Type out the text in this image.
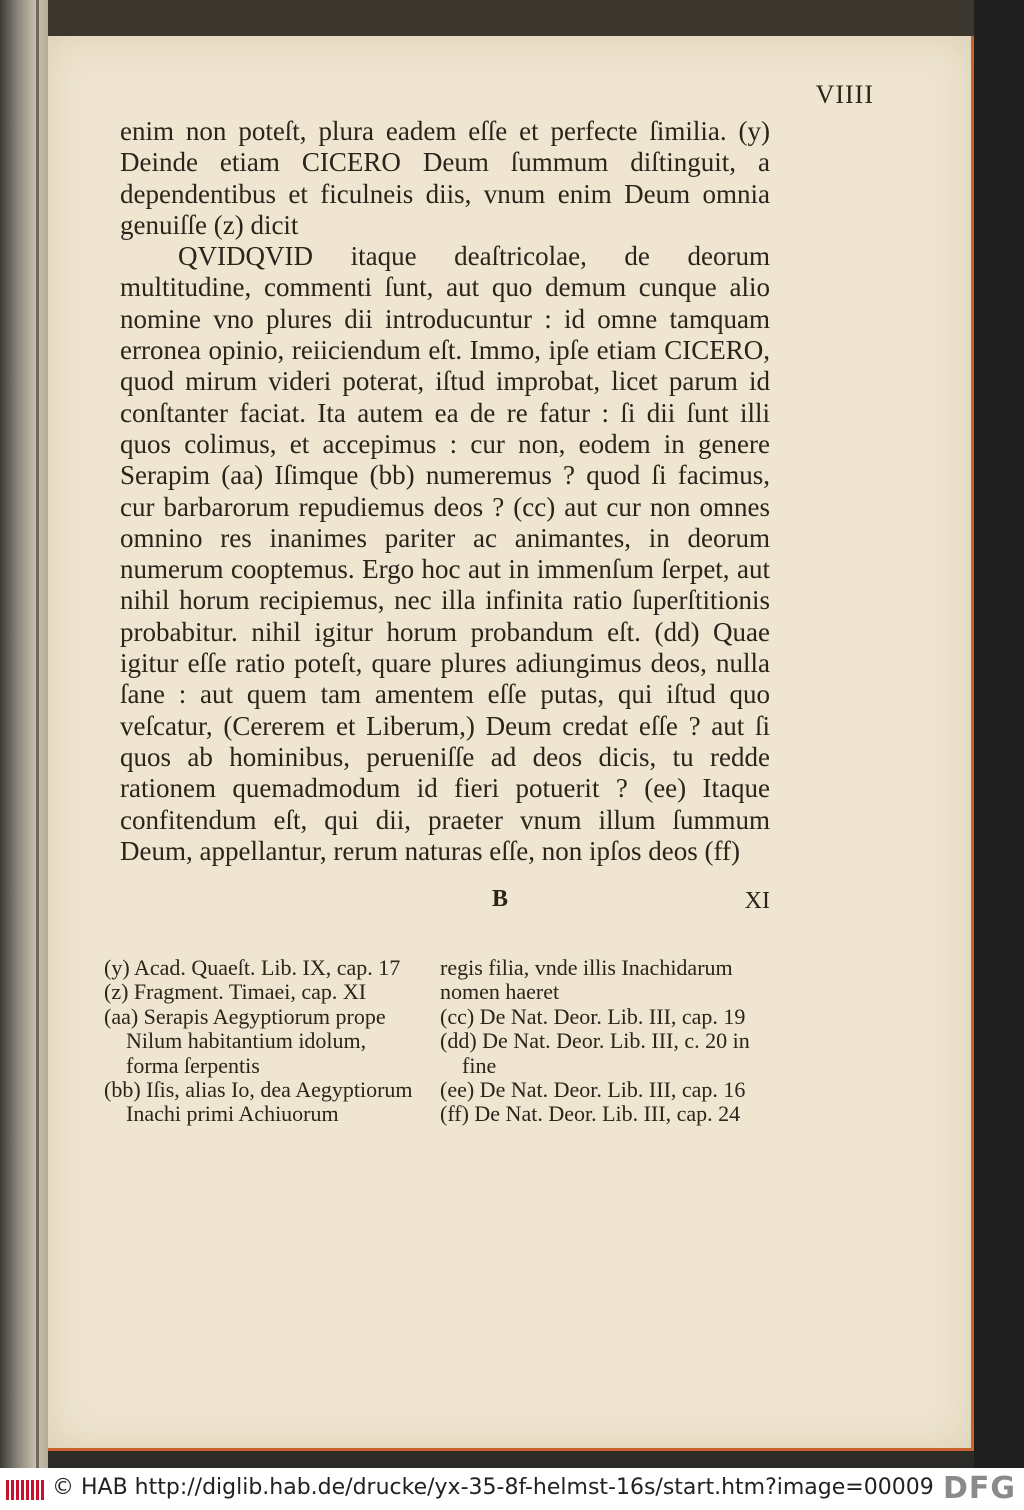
VIIII

enim non poteſt, plura eadem eſſe et perfecte ſimilia. (y) Deinde etiam CICERO Deum ſummum diſtinguit, a dependentibus et ficulneis diis, vnum enim Deum omnia genuiſſe (z) dicit

QVIDQVID itaque deaſtricolae, de deorum multitudine, commenti ſunt, aut quo demum cunque alio nomine vno plures dii introducuntur : id omne tamquam erronea opinio, reiiciendum eſt. Immo, ipſe etiam CICERO, quod mirum videri poterat, iſtud improbat, licet parum id conſtanter faciat. Ita autem ea de re fatur : ſi dii ſunt illi quos colimus, et accepimus : cur non, eodem in genere Serapim (aa) Iſimque (bb) numeremus ? quod ſi facimus, cur barbarorum repudiemus deos ? (cc) aut cur non omnes omnino res inanimes pariter ac animantes, in deorum numerum cooptemus. Ergo hoc aut in immenſum ſerpet, aut nihil horum recipiemus, nec illa infinita ratio ſuperſtitionis probabitur. nihil igitur horum probandum eſt. (dd) Quae igitur eſſe ratio poteſt, quare plures adiungimus deos, nulla ſane : aut quem tam amentem eſſe putas, qui iſtud quo veſcatur, (Cererem et Liberum,) Deum credat eſſe ? aut ſi quos ab hominibus, perueniſſe ad deos dicis, tu redde rationem quemadmodum id fieri potuerit ? (ee) Itaque confitendum eſt, qui dii, praeter vnum illum ſummum Deum, appellantur, rerum naturas eſſe, non ipſos deos (ff)

B	XI
(y) Acad. Quaeſt. Lib. IX, cap. 17
(z) Fragment. Timaei, cap. XI
(aa) Serapis Aegyptiorum prope Nilum habitantium idolum, forma ſerpentis
(bb) Iſis, alias Io, dea Aegyptiorum Inachi primi Achiuorum
regis filia, vnde illis Inachidarum nomen haeret
(cc) De Nat. Deor. Lib. III, cap. 19
(dd) De Nat. Deor. Lib. III, c. 20 in fine
(ee) De Nat. Deor. Lib. III, cap. 16
(ff) De Nat. Deor. Lib. III, cap. 24
© HAB http://diglib.hab.de/drucke/yx-35-8f-helmst-16s/start.htm?image=00009 DFG
